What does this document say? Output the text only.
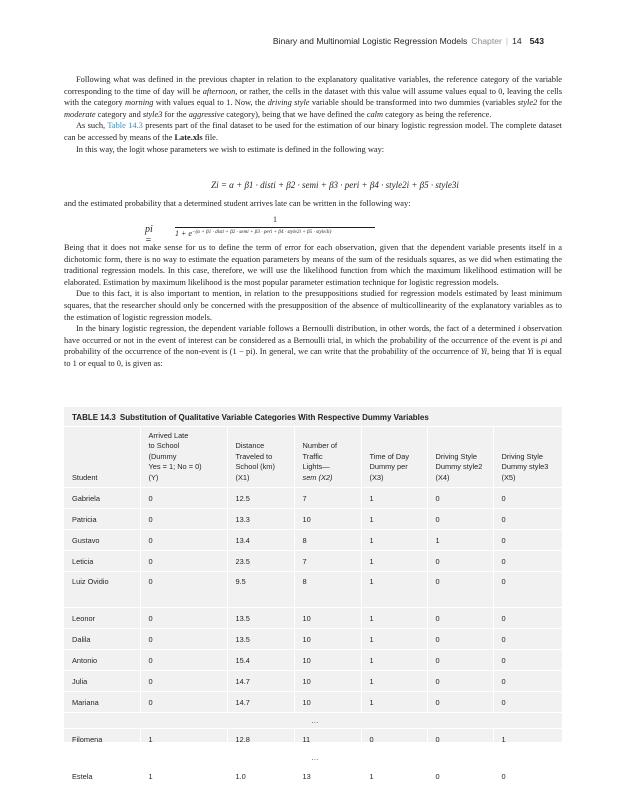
Binary and Multinomial Logistic Regression Models Chapter | 14 543

Following what was defined in the previous chapter in relation to the explanatory qualitative variables, the reference category of the variable corresponding to the time of day will be afternoon, or rather, the cells in the dataset with this value will assume values equal to 0, leaving the cells with the category morning with values equal to 1. Now, the driving style variable should be transformed into two dummies (variables style2 for the moderate category and style3 for the aggressive category), being that we have defined the calm category as being the reference.

As such, Table 14.3 presents part of the final dataset to be used for the estimation of our binary logistic regression model. The complete dataset can be accessed by means of the Late.xls file.

In this way, the logit whose parameters we wish to estimate is defined in the following way:

Zi = α + β1 · disti + β2 · semi + β3 · peri + β4 · style2i + β5 · style3i
and the estimated probability that a determined student arrives late can be written in the following way:
pi =
1
$1 + e^{-(\alpha + \beta 1 \cdot disti + \beta 2 \cdot semi + \beta 3 \cdot peri + \beta 4 \cdot style2i + \beta 5 \cdot style3i)}$

Being that it does not make sense for us to define the term of error for each observation, given that the dependent variable presents itself in a dichotomic form, there is no way to estimate the equation parameters by means of the sum of the residuals squares, as we did when estimating the traditional regression models. In this case, therefore, we will use the likelihood function from which the maximum likelihood estimation will be elaborated. Estimation by maximum likelihood is the most popular parameter estimation technique for logistic regression models.

Due to this fact, it is also important to mention, in relation to the presuppositions studied for regression models estimated by least minimum squares, that the researcher should only be concerned with the presupposition of the absence of multicollinearity of the explanatory variables as to the estimation of logistic regression models.

In the binary logistic regression, the dependent variable follows a Bernoulli distribution, in other words, the fact of a determined i observation have occurred or not in the event of interest can be considered as a Bernoulli trial, in which the probability of the occurrence of the event is pi and probability of the occurrence of the non-event is (1 − pi). In general, we can write that the probability of the occurrence of Yi, being that Yi is equal to 1 or equal to 0, is given as:

TABLE 14.3 Substitution of Qualitative Variable Categories With Respective Dummy Variables
Student	Arrived Late
to School
(Dummy
Yes = 1; No = 0)
(Y)	Distance
Traveled to
School (km)
(X1)	Number of
Traffic
Lights—
sem (X2)	Time of Day
Dummy per
(X3)	Driving Style
Dummy style2
(X4)	Driving Style
Dummy style3
(X5)

Gabriela	0	12.5	7	1	0	0
Patricia	0	13.3	10	1	0	0
Gustavo	0	13.4	8	1	1	0
Leticia	0	23.5	7	1	0	0
Luiz Ovidio	0	9.5	8	1	0	0
Leonor	0	13.5	10	1	0	0
Dalila	0	13.5	10	1	0	0
Antonio	0	15.4	10	1	0	0
Julia	0	14.7	10	1	0	0
Mariana	0	14.7	10	1	0	0
…						
Filomena	1	12.8	11	0	0	1
…						
Estela	1	1.0	13	1	0	0
